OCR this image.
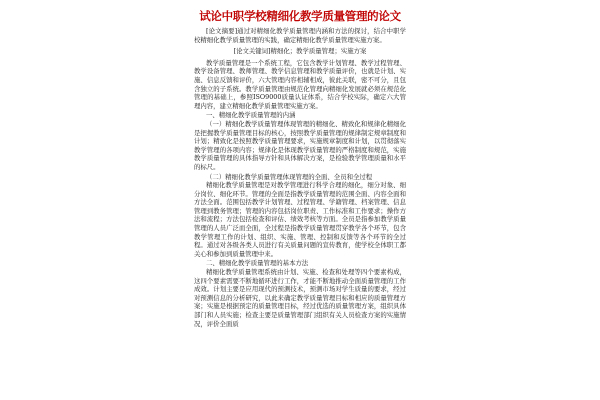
试论中职学校精细化教学质量管理的论文

[论文摘要]通过对精细化教学质量管理内涵和方法的探讨，结合中职学校精细化教学质量管理的实践，确定精细化教学质量管理实施方案。

[论文关键词]精细化；教学质量管理；实施方案

教学质量管理是一个系统工程，它包含教学计划管理、教学过程管理、教学设备管理、教师管理、教学信息管理和教学质量评价，也就是计划、实施、信息反馈和评价，六大管理内容相辅相成，彼此关联，密不可分，且包含独立的子系统。教学质量管理由规范化管理向精细化发展就必须在规范化管理的基础上，参照ISO9000质量认证体系，结合学校实际，确定六大管理内容，建立精细化教学质量管理实施方案。

一、精细化教学质量管理的内涵

（一）精细化教学质量管理体现管理的精细化、精致化和规律化精细化是把握教学质量管理目标的核心，按照教学质量管理的规律制定规章制度和计划；精致化是按照教学质量管理要求，实施规章制度和计划，以贯彻落实教学管理的各项内容；规律化是体现教学质量管理的严格制度和规范，实施教学质量管理的具体指导方针和具体解决方案，是检验教学管理质量和水平的标尺。

（二）精细化教学质量管理体现管理的全面、全员和全过程

精细化教学质量管理是对教学管理进行科学合理的细化，细分对象、细分岗位、细化环节。管理的全面是指教学质量管理的范围全面、内容全面和方法全面。范围包括教学计划管理、过程管理、学籍管理、档案管理、信息管理到教务管理；管理的内容包括岗位职责、工作标准和工作要求；操作方法和流程；方法包括检查和评估、绩效考核等方面。全员是指参加教学质量管理的人员广泛而全面，全过程是指教学质量管理贯穿教学各个环节，包含教学管理工作的计划、组织、实施、管理、控制和反馈等各个环节的全过程。通过对各级各类人员进行有关质量问题的宣传教育，使学校全体职工都关心和参加到质量管理中来。

二、精细化教学质量管理的基本方法

精细化教学质量管理系统由计划、实施、检查和处理等四个要素构成，这四个要素需要不断地循环进行工作，才能不断地推动全面质量管理的工作成效。计划主要是应用现代的预测技术，预测市场对学生质量的要求，经过对预测信息的分析研究，以此来确定教学质量管理目标和相应的质量管理方案；实施是根据预定的质量管理目标，经过优选的质量管理方案，组织具体部门和人员实施；检查主要是质量管理部门组织有关人员检查方案的实施情况，评价全面质
